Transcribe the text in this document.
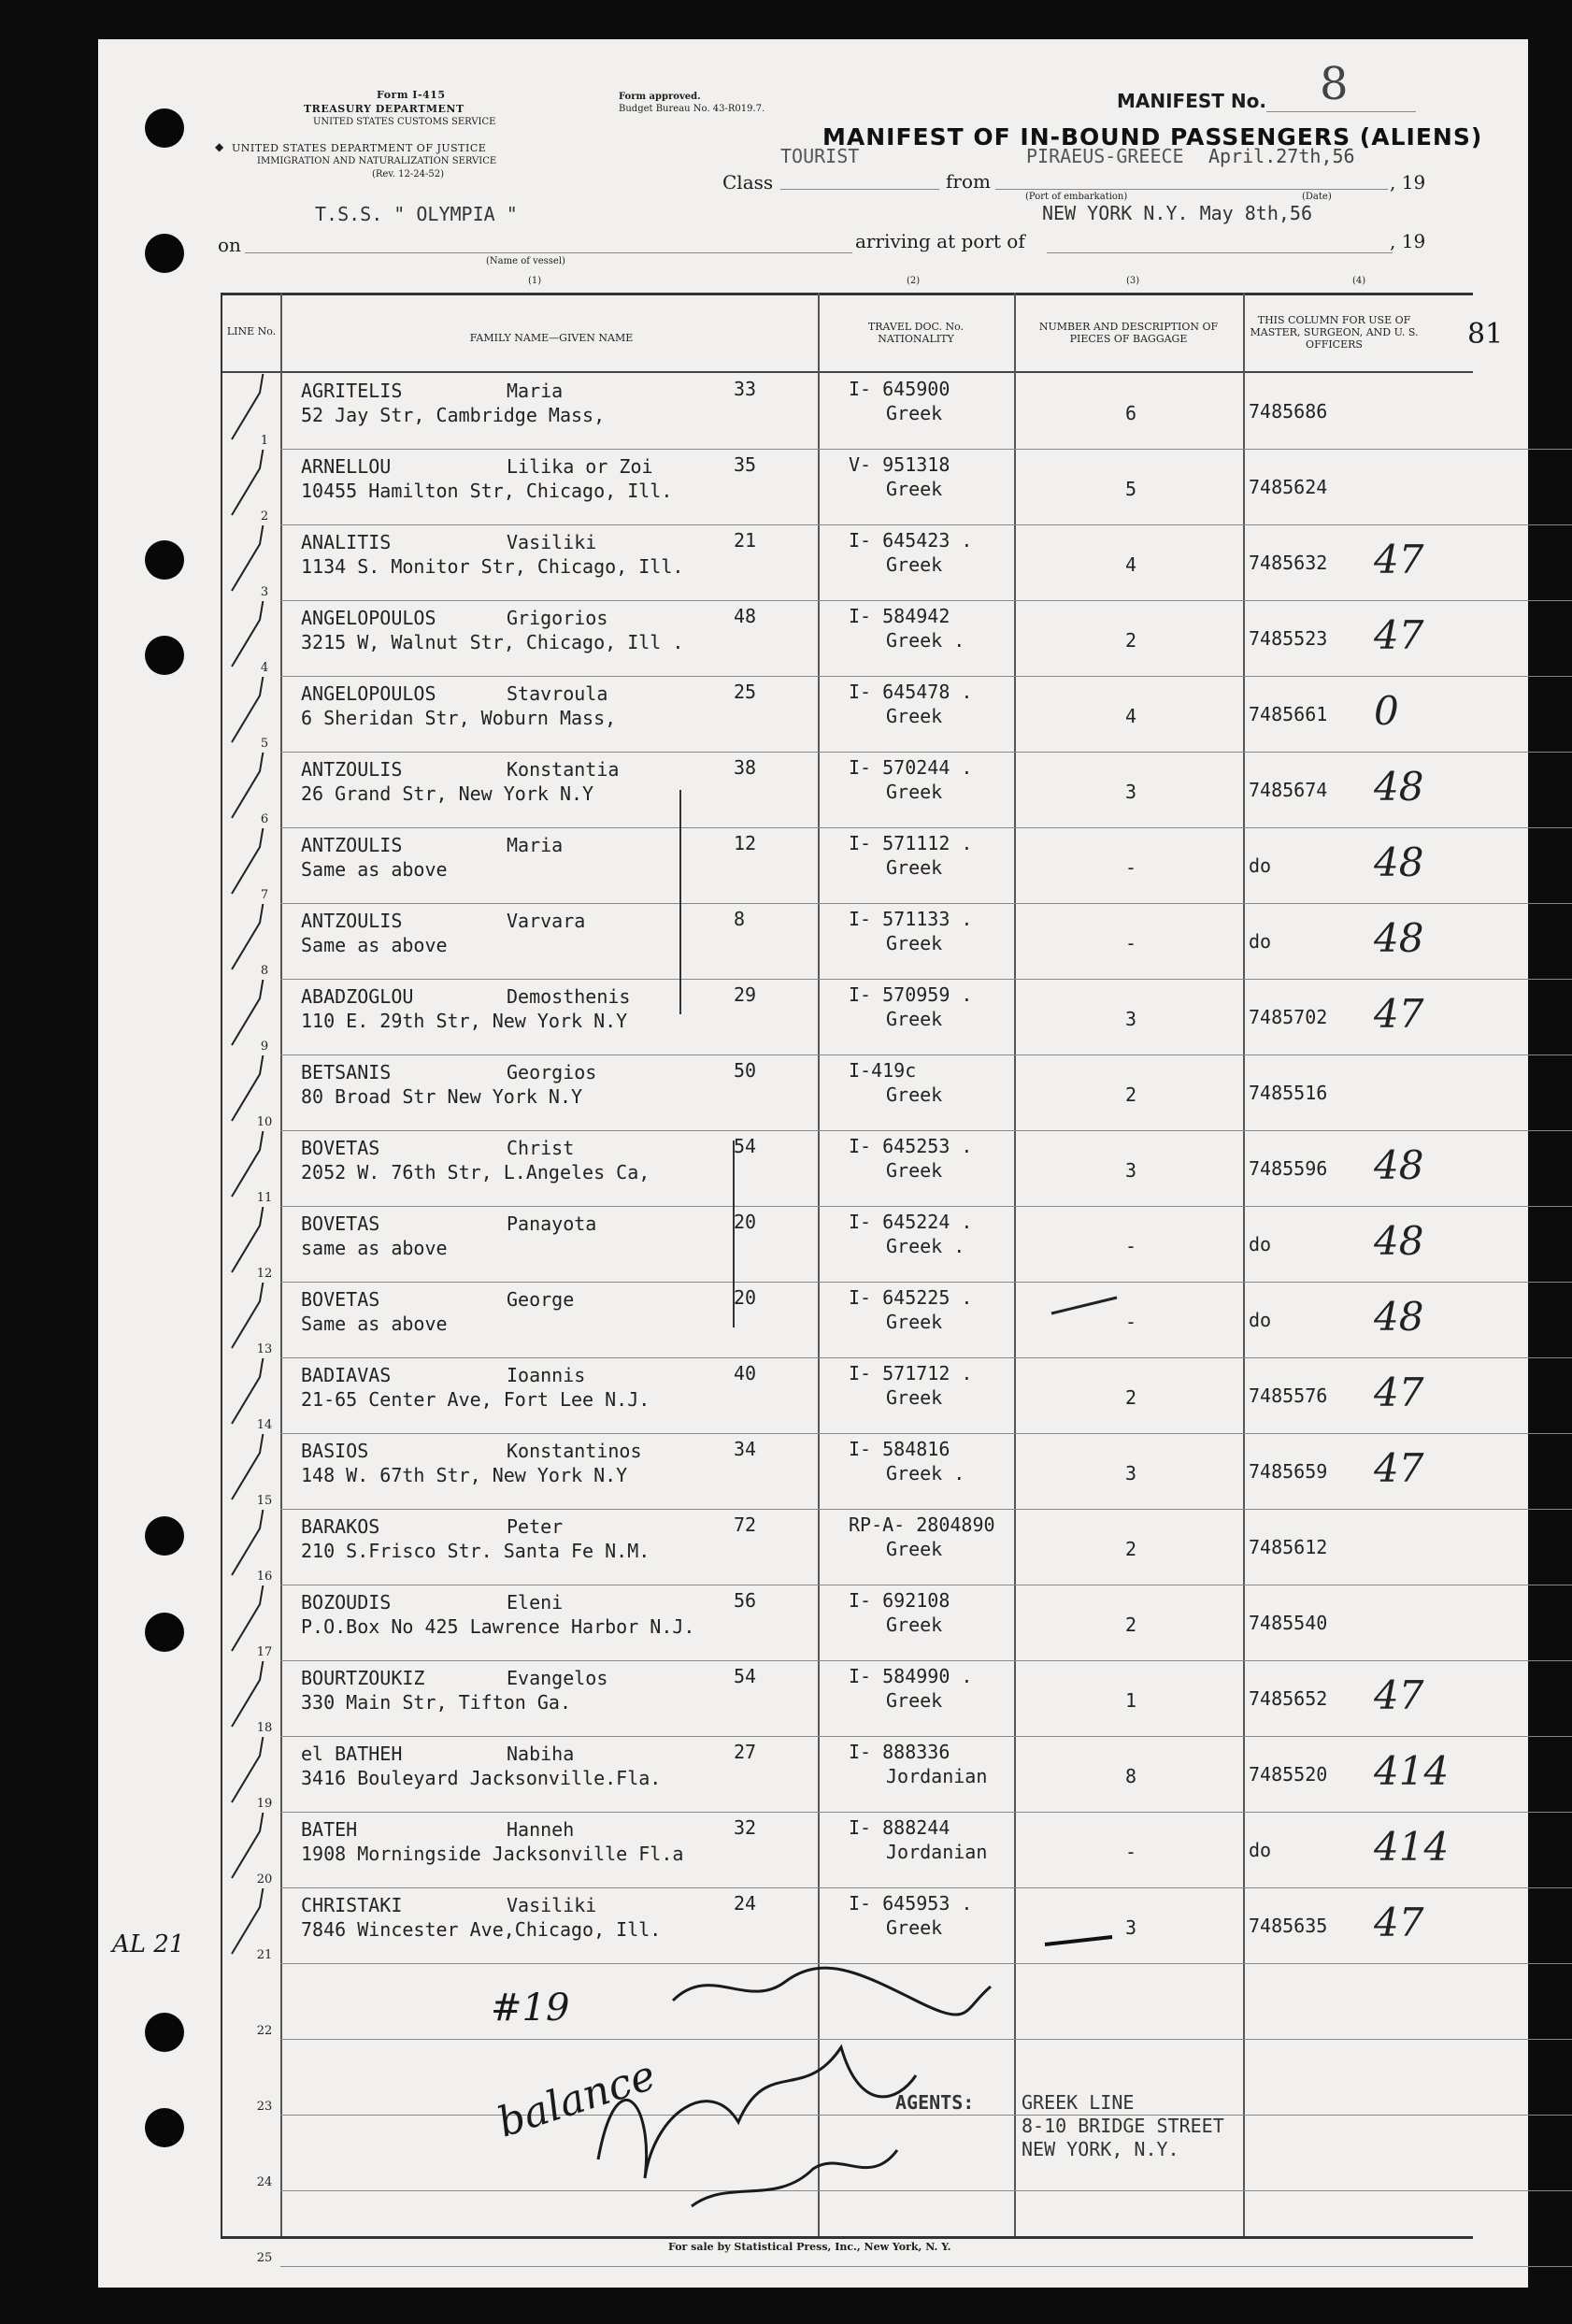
Form I-415
TREASURY DEPARTMENT
UNITED STATES CUSTOMS SERVICE
◆ UNITED STATES DEPARTMENT OF JUSTICE
IMMIGRATION AND NATURALIZATION SERVICE
(Rev. 12-24-52)
Form approved.
Budget Bureau No. 43-R019.7.	MANIFEST No. 8
MANIFEST OF IN-BOUND PASSENGERS (ALIENS)
Class
TOURIST
from
PIRAEUS-GREECE April.27th,56
, 19
(Port of embarkation)	(Date)
on
T.S.S. " OLYMPIA "
arriving at port of
NEW YORK N.Y. May 8th,56
, 19
(Name of vessel)
(1)	(2)	(3)	(4)
LINE No.
FAMILY NAME—GIVEN NAME
TRAVEL DOC. No. NATIONALITY
NUMBER AND DESCRIPTION OF PIECES OF BAGGAGE
THIS COLUMN FOR USE OF MASTER, SURGEON, AND U. S. OFFICERS	81
1
AGRITELIS	Maria	33
52 Jay Str, Cambridge Mass,
I- 645900
Greek	6	7485686
2
ARNELLOU	Lilika or Zoi	35
10455 Hamilton Str, Chicago, Ill.
V- 951318
Greek	5	7485624
3
ANALITIS	Vasiliki	21
1134 S. Monitor Str, Chicago, Ill.
I- 645423 .
Greek	4	7485632 47
4
ANGELOPOULOS	Grigorios	48
3215 W, Walnut Str, Chicago, Ill .
I- 584942
Greek .	2	7485523 47
5
ANGELOPOULOS	Stavroula	25
6 Sheridan Str, Woburn Mass,
I- 645478 .
Greek	4	7485661 0
6
ANTZOULIS	Konstantia	38
26 Grand Str, New York N.Y
I- 570244 .
Greek	3	7485674 48
7
ANTZOULIS	Maria	12
Same as above
I- 571112 .
Greek	-	do	48
8
ANTZOULIS	Varvara	8
Same as above
I- 571133 .
Greek	-	do	48
9
ABADZOGLOU	Demosthenis	29
110 E. 29th Str, New York N.Y
I- 570959 .
Greek	3	7485702 47
10
BETSANIS	Georgios	50
80 Broad Str New York N.Y
I-419c
Greek	2	7485516
11
BOVETAS	Christ	54
2052 W. 76th Str, L.Angeles Ca,
I- 645253 .
Greek	3	7485596 48
12
BOVETAS	Panayota	20
same as above
I- 645224 .
Greek .	-	do	48
13
BOVETAS	George	20
Same as above
I- 645225 .
Greek	-	do	48
14
BADIAVAS	Ioannis	40
21-65 Center Ave, Fort Lee N.J.
I- 571712 .
Greek	2	7485576 47
15
BASIOS	Konstantinos	34
148 W. 67th Str, New York N.Y
I- 584816
Greek .	3	7485659 47
16
BARAKOS	Peter	72
210 S.Frisco Str. Santa Fe N.M.
RP-A- 2804890
Greek	2	7485612
17
BOZOUDIS	Eleni	56
P.O.Box No 425 Lawrence Harbor N.J.
I- 692108
Greek	2	7485540
18
BOURTZOUKIZ	Evangelos	54
330 Main Str, Tifton Ga.
I- 584990 .
Greek	1	7485652 47
19
el BATHEH	Nabiha	27
3416 Bouleyard Jacksonville.Fla.
I- 888336
Jordanian	8	7485520 414
20
BATEH	Hanneh	32
1908 Morningside Jacksonville Fl.a
I- 888244
Jordanian	-	do	414
21
CHRISTAKI	Vasiliki	24
7846 Wincester Ave,Chicago, Ill.
I- 645953 .
Greek	3	7485635 47
22
23
24
25
AL 21
#19
balance	AGENTS:	GREEK LINE
8-10 BRIDGE STREET
NEW YORK, N.Y.
For sale by Statistical Press, Inc., New York, N. Y.
